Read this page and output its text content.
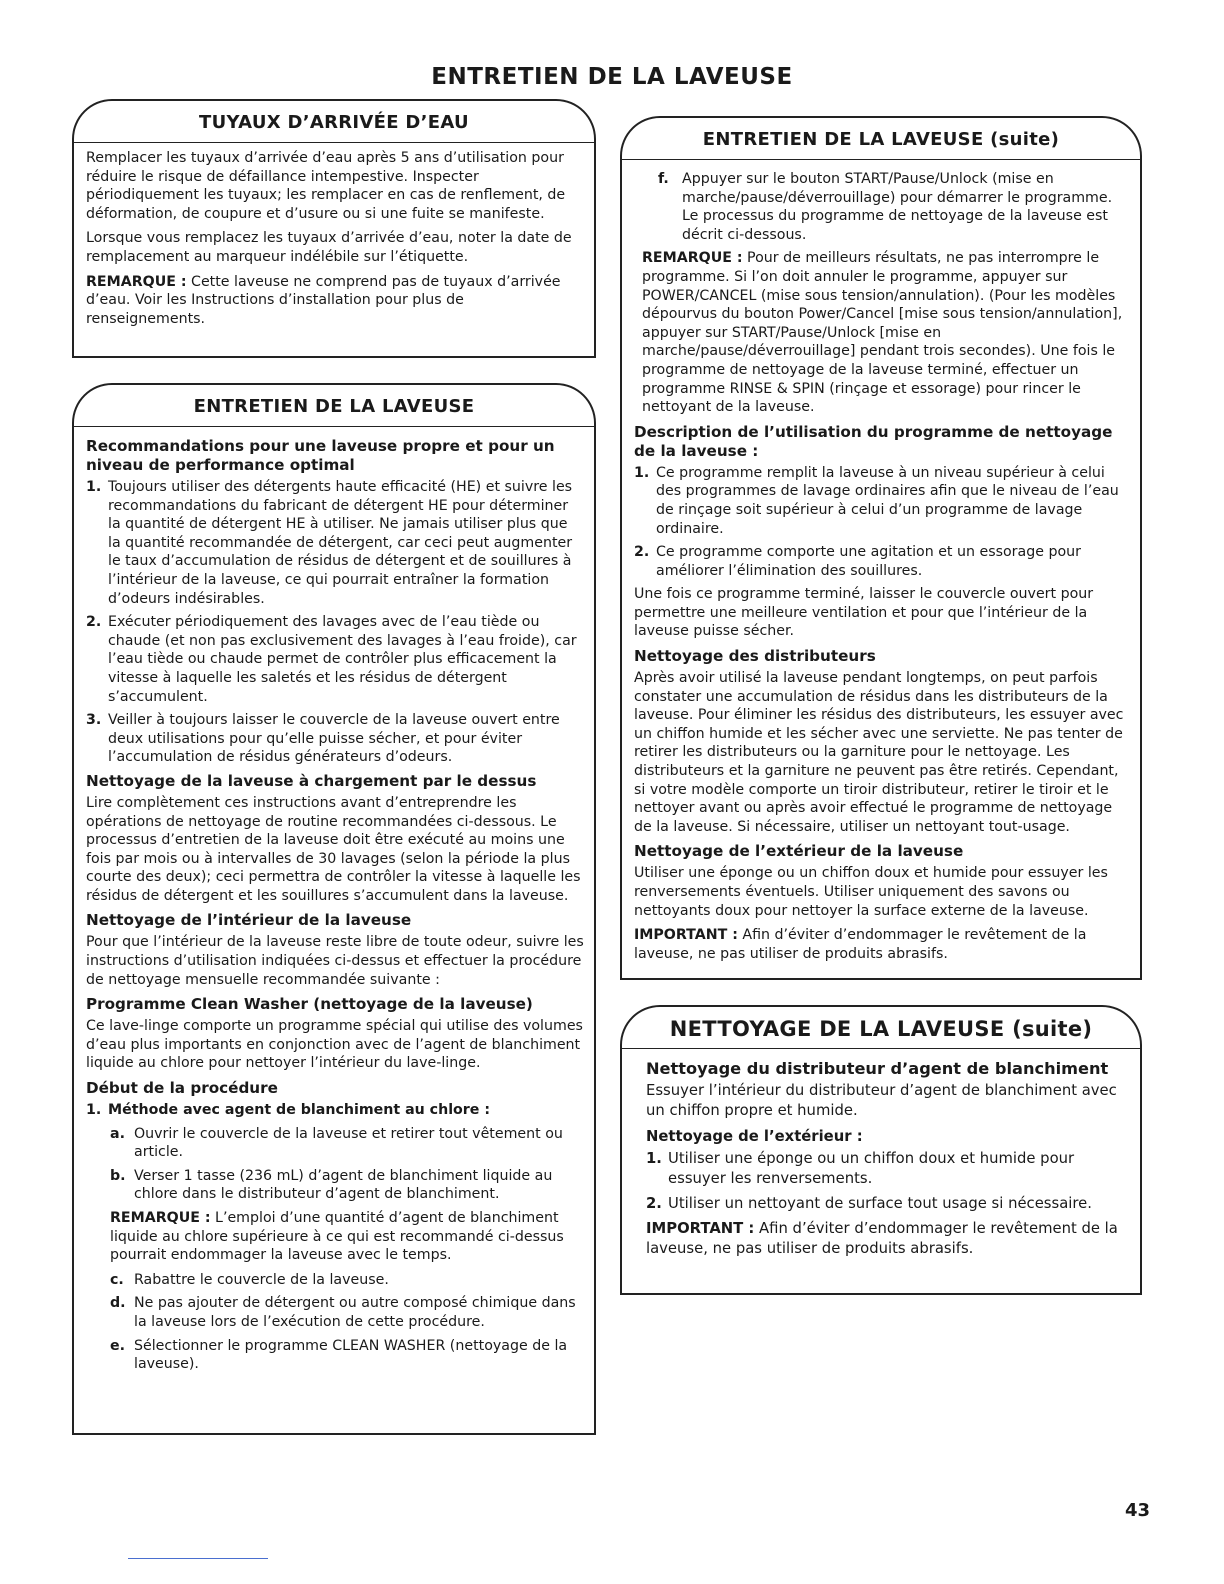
ENTRETIEN DE LA LAVEUSE
TUYAUX D’ARRIVÉE D’EAU

Remplacer les tuyaux d’arrivée d’eau après 5 ans d’utilisation pour réduire le risque de défaillance intempestive. Inspecter périodiquement les tuyaux; les remplacer en cas de renflement, de déformation, de coupure et d’usure ou si une fuite se manifeste.

Lorsque vous remplacez les tuyaux d’arrivée d’eau, noter la date de remplacement au marqueur indélébile sur l’étiquette.

REMARQUE : Cette laveuse ne comprend pas de tuyaux d’arrivée d’eau. Voir les Instructions d’installation pour plus de renseignements.

ENTRETIEN DE LA LAVEUSE
Recommandations pour une laveuse propre et pour un niveau de performance optimal
1. Toujours utiliser des détergents haute efficacité (HE) et suivre les recommandations du fabricant de détergent HE pour déterminer la quantité de détergent HE à utiliser. Ne jamais utiliser plus que la quantité recommandée de détergent, car ceci peut augmenter le taux d’accumulation de résidus de détergent et de souillures à l’intérieur de la laveuse, ce qui pourrait entraîner la formation d’odeurs indésirables.
2. Exécuter périodiquement des lavages avec de l’eau tiède ou chaude (et non pas exclusivement des lavages à l’eau froide), car l’eau tiède ou chaude permet de contrôler plus efficacement la vitesse à laquelle les saletés et les résidus de détergent s’accumulent.
3. Veiller à toujours laisser le couvercle de la laveuse ouvert entre deux utilisations pour qu’elle puisse sécher, et pour éviter l’accumulation de résidus générateurs d’odeurs.
Nettoyage de la laveuse à chargement par le dessus

Lire complètement ces instructions avant d’entreprendre les opérations de nettoyage de routine recommandées ci-dessous. Le processus d’entretien de la laveuse doit être exécuté au moins une fois par mois ou à intervalles de 30 lavages (selon la période la plus courte des deux); ceci permettra de contrôler la vitesse à laquelle les résidus de détergent et les souillures s’accumulent dans la laveuse.

Nettoyage de l’intérieur de la laveuse

Pour que l’intérieur de la laveuse reste libre de toute odeur, suivre les instructions d’utilisation indiquées ci-dessus et effectuer la procédure de nettoyage mensuelle recommandée suivante :

Programme Clean Washer (nettoyage de la laveuse)

Ce lave-linge comporte un programme spécial qui utilise des volumes d’eau plus importants en conjonction avec de l’agent de blanchiment liquide au chlore pour nettoyer l’intérieur du lave-linge.

Début de la procédure
1. Méthode avec agent de blanchiment au chlore :
a. Ouvrir le couvercle de la laveuse et retirer tout vêtement ou article.
b. Verser 1 tasse (236 mL) d’agent de blanchiment liquide au chlore dans le distributeur d’agent de blanchiment.

REMARQUE : L’emploi d’une quantité d’agent de blanchiment liquide au chlore supérieure à ce qui est recommandé ci-dessus pourrait endommager la laveuse avec le temps.

c. Rabattre le couvercle de la laveuse.
d. Ne pas ajouter de détergent ou autre composé chimique dans la laveuse lors de l’exécution de cette procédure.
e. Sélectionner le programme CLEAN WASHER (nettoyage de la laveuse).
ENTRETIEN DE LA LAVEUSE (suite)
f. Appuyer sur le bouton START/Pause/Unlock (mise en marche/pause/déverrouillage) pour démarrer le programme. Le processus du programme de nettoyage de la laveuse est décrit ci-dessous.

REMARQUE : Pour de meilleurs résultats, ne pas interrompre le programme. Si l’on doit annuler le programme, appuyer sur POWER/CANCEL (mise sous tension/annulation). (Pour les modèles dépourvus du bouton Power/Cancel [mise sous tension/annulation], appuyer sur START/Pause/Unlock [mise en marche/pause/déverrouillage] pendant trois secondes). Une fois le programme de nettoyage de la laveuse terminé, effectuer un programme RINSE & SPIN (rinçage et essorage) pour rincer le nettoyant de la laveuse.

Description de l’utilisation du programme de nettoyage de la laveuse :
1. Ce programme remplit la laveuse à un niveau supérieur à celui des programmes de lavage ordinaires afin que le niveau de l’eau de rinçage soit supérieur à celui d’un programme de lavage ordinaire.
2. Ce programme comporte une agitation et un essorage pour améliorer l’élimination des souillures.

Une fois ce programme terminé, laisser le couvercle ouvert pour permettre une meilleure ventilation et pour que l’intérieur de la laveuse puisse sécher.

Nettoyage des distributeurs

Après avoir utilisé la laveuse pendant longtemps, on peut parfois constater une accumulation de résidus dans les distributeurs de la laveuse. Pour éliminer les résidus des distributeurs, les essuyer avec un chiffon humide et les sécher avec une serviette. Ne pas tenter de retirer les distributeurs ou la garniture pour le nettoyage. Les distributeurs et la garniture ne peuvent pas être retirés. Cependant, si votre modèle comporte un tiroir distributeur, retirer le tiroir et le nettoyer avant ou après avoir effectué le programme de nettoyage de la laveuse. Si nécessaire, utiliser un nettoyant tout-usage.

Nettoyage de l’extérieur de la laveuse

Utiliser une éponge ou un chiffon doux et humide pour essuyer les renversements éventuels. Utiliser uniquement des savons ou nettoyants doux pour nettoyer la surface externe de la laveuse.

IMPORTANT : Afin d’éviter d’endommager le revêtement de la laveuse, ne pas utiliser de produits abrasifs.

NETTOYAGE DE LA LAVEUSE (suite)
Nettoyage du distributeur d’agent de blanchiment

Essuyer l’intérieur du distributeur d’agent de blanchiment avec un chiffon propre et humide.

Nettoyage de l’extérieur :
1. Utiliser une éponge ou un chiffon doux et humide pour essuyer les renversements.
2. Utiliser un nettoyant de surface tout usage si nécessaire.

IMPORTANT : Afin d’éviter d’endommager le revêtement de la laveuse, ne pas utiliser de produits abrasifs.

43
